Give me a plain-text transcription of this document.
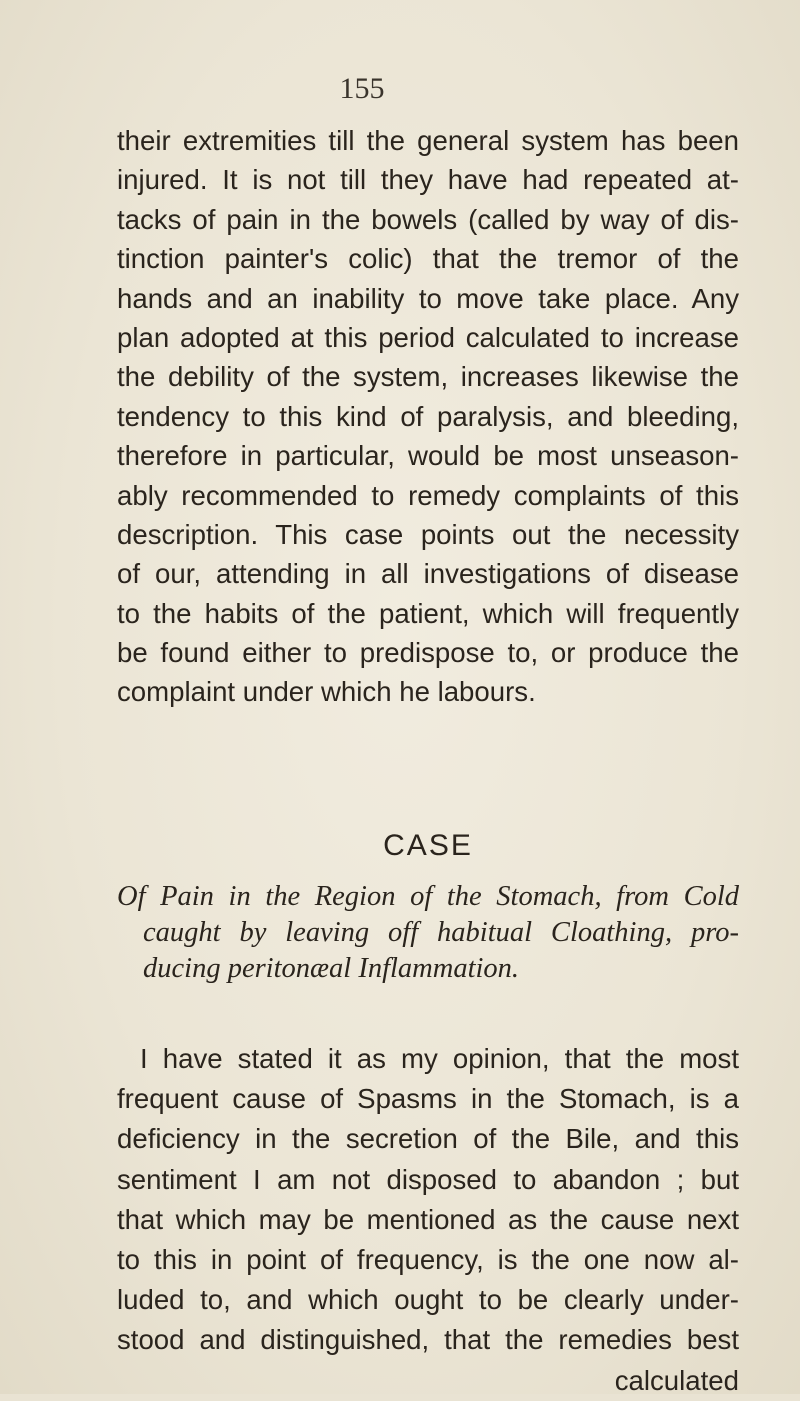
155
their extremities till the general system has been
injured. It is not till they have had repeated at-
tacks of pain in the bowels (called by way of dis-
tinction painter's colic) that the tremor of the
hands and an inability to move take place. Any
plan adopted at this period calculated to increase
the debility of the system, increases likewise the
tendency to this kind of paralysis, and bleeding,
therefore in particular, would be most unseason-
ably recommended to remedy complaints of this
description. This case points out the necessity
of our, attending in all investigations of disease
to the habits of the patient, which will frequently
be found either to predispose to, or produce the
complaint under which he labours.
CASE
Of Pain in the Region of the Stomach, from Cold
caught by leaving off habitual Cloathing, pro-
ducing peritonæal Inflammation.
I have stated it as my opinion, that the most
frequent cause of Spasms in the Stomach, is a
deficiency in the secretion of the Bile, and this
sentiment I am not disposed to abandon ; but
that which may be mentioned as the cause next
to this in point of frequency, is the one now al-
luded to, and which ought to be clearly under-
stood and distinguished, that the remedies best
calculated
